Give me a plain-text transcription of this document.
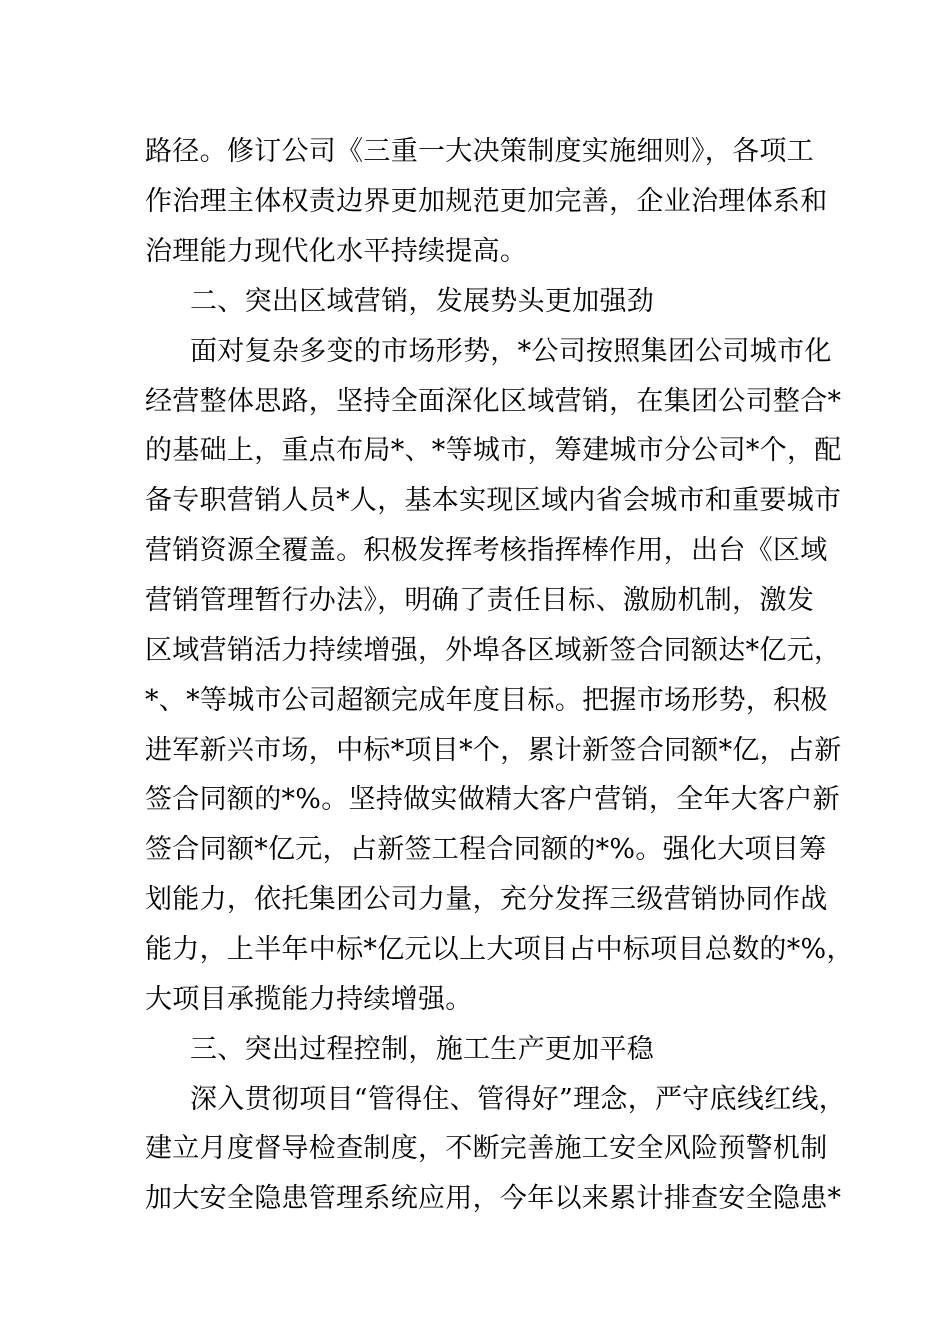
路径。修订公司《三重一大决策制度实施细则》，各项工
作治理主体权责边界更加规范更加完善，企业治理体系和
治理能力现代化水平持续提高。
二、突出区域营销，发展势头更加强劲
面对复杂多变的市场形势，*公司按照集团公司城市化
经营整体思路，坚持全面深化区域营销，在集团公司整合*
的基础上，重点布局*、*等城市，筹建城市分公司*个，配
备专职营销人员*人，基本实现区域内省会城市和重要城市
营销资源全覆盖。积极发挥考核指挥棒作用，出台《区域
营销管理暂行办法》，明确了责任目标、激励机制，激发
区域营销活力持续增强，外埠各区域新签合同额达*亿元，
*、*等城市公司超额完成年度目标。把握市场形势，积极
进军新兴市场，中标*项目*个，累计新签合同额*亿，占新
签合同额的*%。坚持做实做精大客户营销，全年大客户新
签合同额*亿元，占新签工程合同额的*%。强化大项目筹
划能力，依托集团公司力量，充分发挥三级营销协同作战
能力，上半年中标*亿元以上大项目占中标项目总数的*%，
大项目承揽能力持续增强。
三、突出过程控制，施工生产更加平稳
深入贯彻项目“管得住、管得好”理念，严守底线红线，
建立月度督导检查制度，不断完善施工安全风险预警机制
加大安全隐患管理系统应用，今年以来累计排查安全隐患*
